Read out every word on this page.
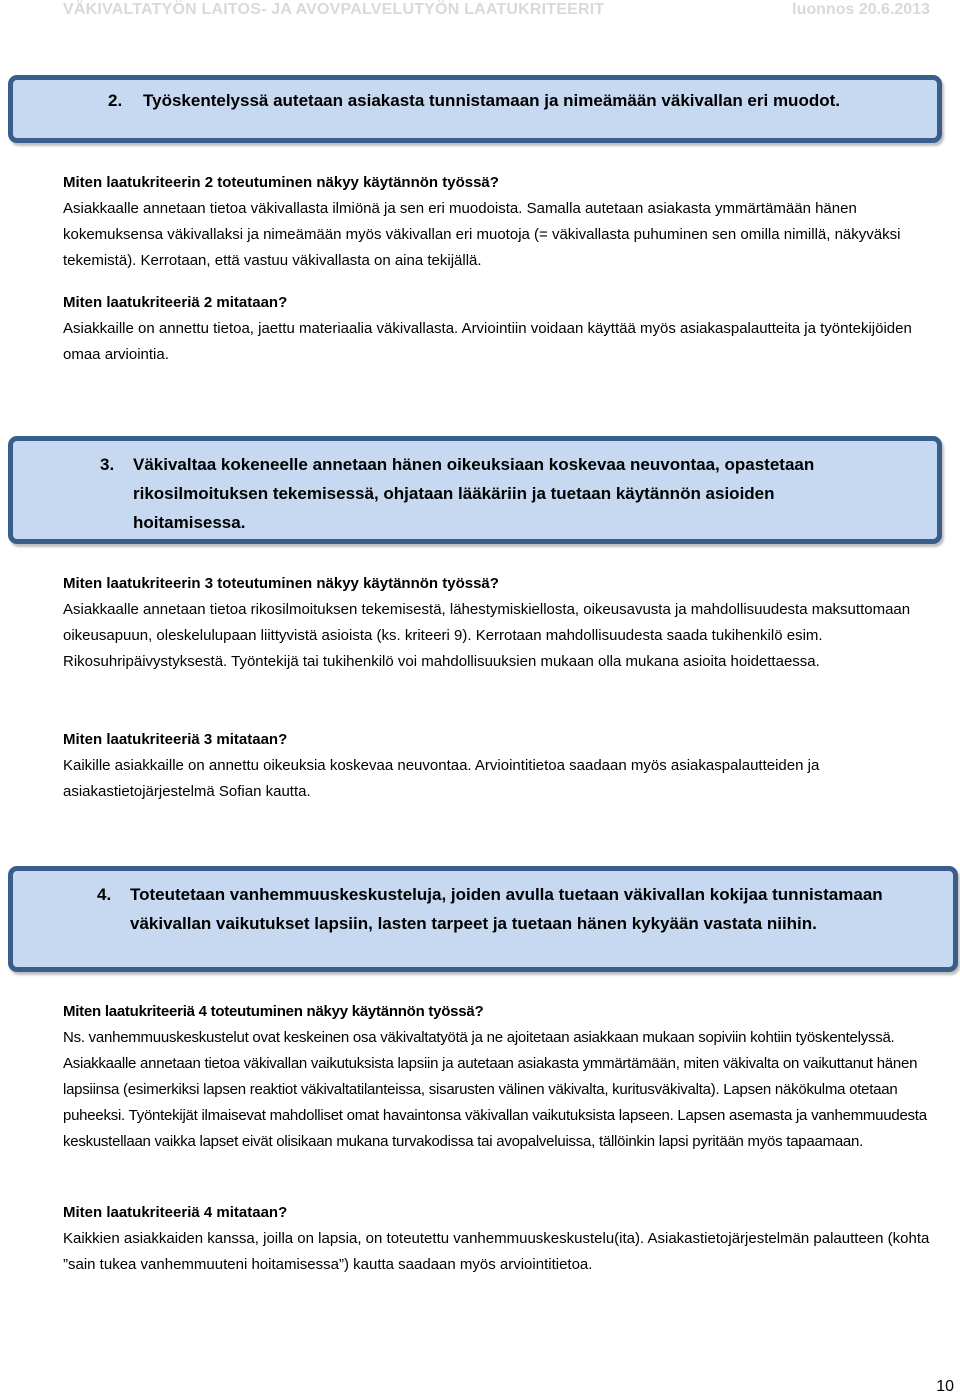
VÄKIVALTATYÖN LAITOS- JA AVOVPALVELUTYÖN LAATUKRITEERIT	luonnos 20.6.2013
2. Työskentelyssä autetaan asiakasta tunnistamaan ja nimeämään väkivallan eri muodot.
Miten laatukriteerin 2 toteutuminen näkyy käytännön työssä?

Asiakkaalle annetaan tietoa väkivallasta ilmiönä ja sen eri muodoista. Samalla autetaan asiakasta ymmärtämään hänen kokemuksensa väkivallaksi ja nimeämään myös väkivallan eri muotoja (= väkivallasta puhuminen sen omilla nimillä, näkyväksi tekemistä). Kerrotaan, että vastuu väkivallasta on aina tekijällä.

Miten laatukriteeriä 2 mitataan?

Asiakkaille on annettu tietoa, jaettu materiaalia väkivallasta. Arviointiin voidaan käyttää myös asiakaspalautteita ja työntekijöiden omaa arviointia.

3. Väkivaltaa kokeneelle annetaan hänen oikeuksiaan koskevaa neuvontaa, opastetaan rikosilmoituksen tekemisessä, ohjataan lääkäriin ja tuetaan käytännön asioiden hoitamisessa.
Miten laatukriteerin 3 toteutuminen näkyy käytännön työssä?

Asiakkaalle annetaan tietoa rikosilmoituksen tekemisestä, lähestymiskiellosta, oikeusavusta ja mahdollisuudesta maksuttomaan oikeusapuun, oleskelulupaan liittyvistä asioista (ks. kriteeri 9). Kerrotaan mahdollisuudesta saada tukihenkilö esim. Rikosuhripäivystyksestä. Työntekijä tai tukihenkilö voi mahdollisuuksien mukaan olla mukana asioita hoidettaessa.

Miten laatukriteeriä 3 mitataan?

Kaikille asiakkaille on annettu oikeuksia koskevaa neuvontaa. Arviointitietoa saadaan myös asiakaspalautteiden ja asiakastietojärjestelmä Sofian kautta.

4. Toteutetaan vanhemmuuskeskusteluja, joiden avulla tuetaan väkivallan kokijaa tunnistamaan väkivallan vaikutukset lapsiin, lasten tarpeet ja tuetaan hänen kykyään vastata niihin.
Miten laatukriteeriä 4 toteutuminen näkyy käytännön työssä?

Ns. vanhemmuuskeskustelut ovat keskeinen osa väkivaltatyötä ja ne ajoitetaan asiakkaan mukaan sopiviin kohtiin työskentelyssä. Asiakkaalle annetaan tietoa väkivallan vaikutuksista lapsiin ja autetaan asiakasta ymmärtämään, miten väkivalta on vaikuttanut hänen lapsiinsa (esimerkiksi lapsen reaktiot väkivaltatilanteissa, sisarusten välinen väkivalta, kuritusväkivalta). Lapsen näkökulma otetaan puheeksi. Työntekijät ilmaisevat mahdolliset omat havaintonsa väkivallan vaikutuksista lapseen. Lapsen asemasta ja vanhemmuudesta keskustellaan vaikka lapset eivät olisikaan mukana turvakodissa tai avopalveluissa, tällöinkin lapsi pyritään myös tapaamaan.

Miten laatukriteeriä 4 mitataan?

Kaikkien asiakkaiden kanssa, joilla on lapsia, on toteutettu vanhemmuuskeskustelu(ita). Asiakastietojärjestelmän palautteen (kohta ”sain tukea vanhemmuuteni hoitamisessa”) kautta saadaan myös arviointitietoa.

10
